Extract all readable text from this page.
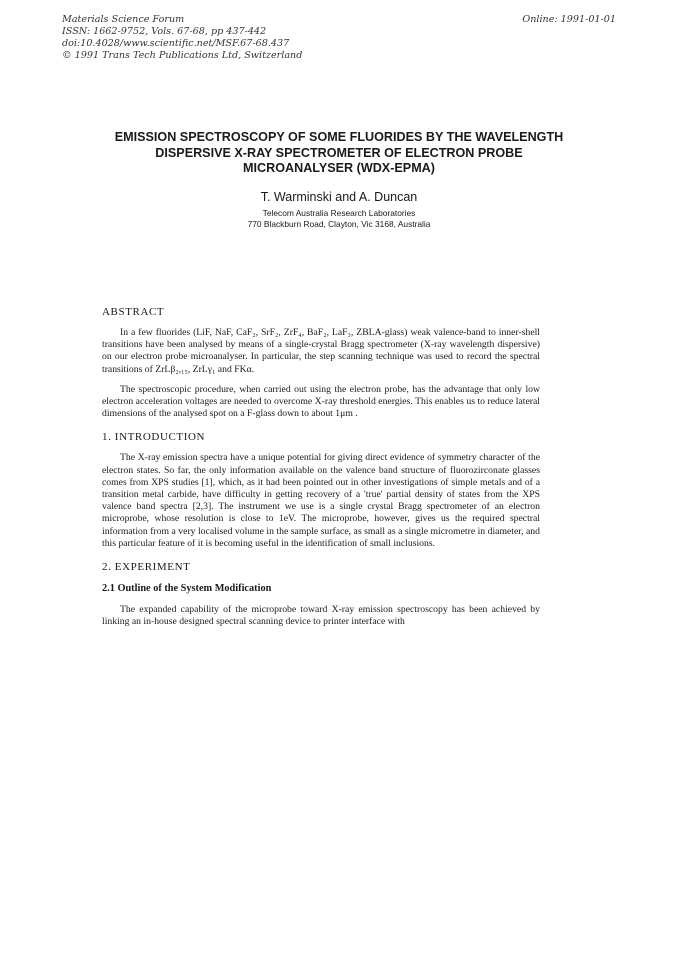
Materials Science Forum
ISSN: 1662-9752, Vols. 67-68, pp 437-442
doi:10.4028/www.scientific.net/MSF.67-68.437
© 1991 Trans Tech Publications Ltd, Switzerland
Online: 1991-01-01
EMISSION SPECTROSCOPY OF SOME FLUORIDES BY THE WAVELENGTH DISPERSIVE X-RAY SPECTROMETER OF ELECTRON PROBE MICROANALYSER (WDX-EPMA)
T. Warminski and A. Duncan
Telecom Australia Research Laboratories
770 Blackburn Road, Clayton, Vic 3168, Australia
ABSTRACT

In a few fluorides (LiF, NaF, CaF₂, SrF₂, ZrF₄, BaF₂, LaF₃, ZBLA-glass) weak valence-band to inner-shell transitions have been analysed by means of a single-crystal Bragg spectrometer (X-ray wavelength dispersive) on our electron probe microanalyser. In particular, the step scanning technique was used to record the spectral transitions of ZrLβ₂,₁₅, ZrLγ₁ and FKα.

The spectroscopic procedure, when carried out using the electron probe, has the advantage that only low electron acceleration voltages are needed to overcome X-ray threshold energies. This enables us to reduce lateral dimensions of the analysed spot on a F-glass down to about 1μm .

1. INTRODUCTION

The X-ray emission spectra have a unique potential for giving direct evidence of symmetry character of the electron states. So far, the only information available on the valence band structure of fluorozirconate glasses comes from XPS studies [1], which, as it had been pointed out in other investigations of simple metals and of a transition metal carbide, have difficulty in getting recovery of a 'true' partial density of states from the XPS valence band spectra [2,3]. The instrument we use is a single crystal Bragg spectrometer of an electron microprobe, whose resolution is close to 1eV. The microprobe, however, gives us the required spectral information from a very localised volume in the sample surface, as small as a single micrometre in diameter, and this particular feature of it is becoming useful in the identification of small inclusions.

2. EXPERIMENT
2.1 Outline of the System Modification

The expanded capability of the microprobe toward X-ray emission spectroscopy has been achieved by linking an in-house designed spectral scanning device to printer interface with
